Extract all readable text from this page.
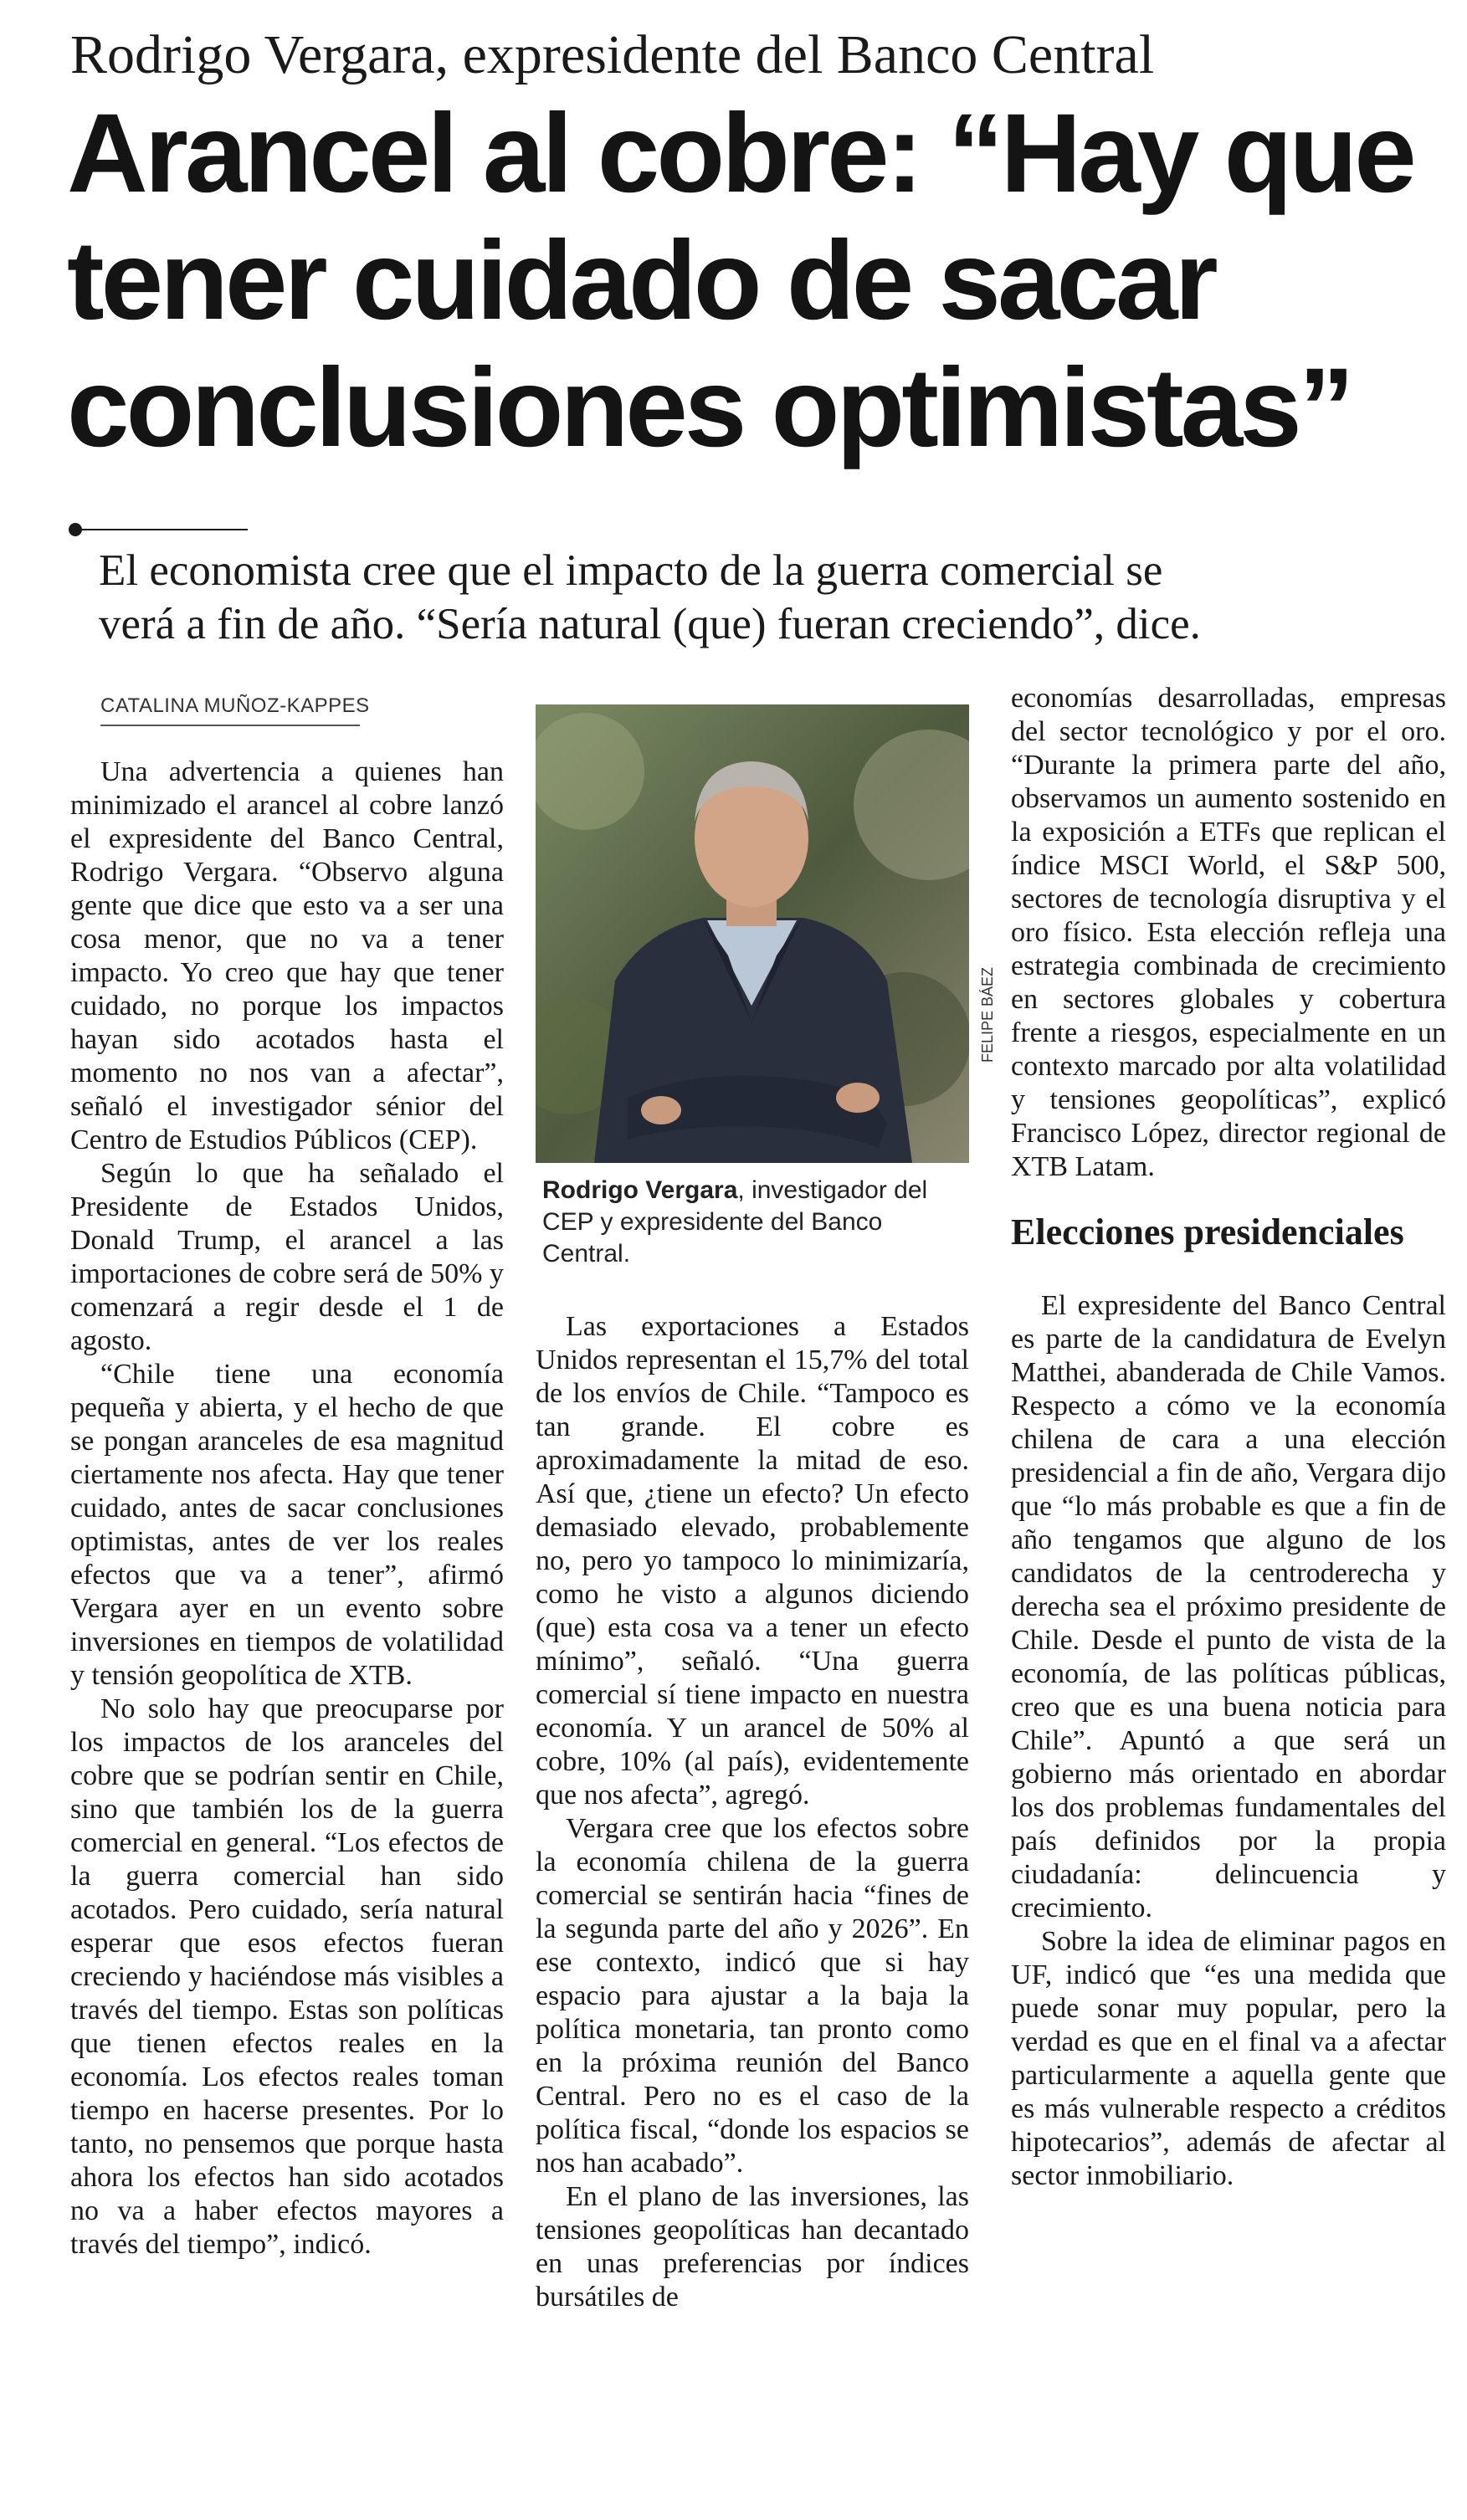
Rodrigo Vergara, expresidente del Banco Central
Arancel al cobre: “Hay que
tener cuidado de sacar
conclusiones optimistas”
El economista cree que el impacto de la guerra comercial se
verá a fin de año. “Sería natural (que) fueran creciendo”, dice.
CATALINA MUÑOZ-KAPPES

Una advertencia a quienes han minimizado el arancel al cobre lanzó el expresidente del Banco Central, Rodrigo Vergara. “Observo alguna gente que dice que esto va a ser una cosa menor, que no va a tener impacto. Yo creo que hay que tener cuidado, no porque los impactos hayan sido acotados hasta el momento no nos van a afectar”, señaló el investigador sénior del Centro de Estudios Públicos (CEP).

Según lo que ha señalado el Presidente de Estados Unidos, Donald Trump, el arancel a las importaciones de cobre será de 50% y comenzará a regir desde el 1 de agosto.

“Chile tiene una economía pequeña y abierta, y el hecho de que se pongan aranceles de esa magnitud ciertamente nos afecta. Hay que tener cuidado, antes de sacar conclusiones optimistas, antes de ver los reales efectos que va a tener”, afirmó Vergara ayer en un evento sobre inversiones en tiempos de volatilidad y tensión geopolítica de XTB.

No solo hay que preocuparse por los impactos de los aranceles del cobre que se podrían sentir en Chile, sino que también los de la guerra comercial en general. “Los efectos de la guerra comercial han sido acotados. Pero cuidado, sería natural esperar que esos efectos fueran creciendo y haciéndose más visibles a través del tiempo. Estas son políticas que tienen efectos reales en la economía. Los efectos reales toman tiempo en hacerse presentes. Por lo tanto, no pensemos que porque hasta ahora los efectos han sido acotados no va a haber efectos mayores a través del tiempo”, indicó.

FELIPE BÁEZ
Rodrigo Vergara, investigador del CEP y expresidente del Banco Central.

Las exportaciones a Estados Unidos representan el 15,7% del total de los envíos de Chile. “Tampoco es tan grande. El cobre es aproximadamente la mitad de eso. Así que, ¿tiene un efecto? Un efecto demasiado elevado, probablemente no, pero yo tampoco lo minimizaría, como he visto a algunos diciendo (que) esta cosa va a tener un efecto mínimo”, señaló. “Una guerra comercial sí tiene impacto en nuestra economía. Y un arancel de 50% al cobre, 10% (al país), evidentemente que nos afecta”, agregó.

Vergara cree que los efectos sobre la economía chilena de la guerra comercial se sentirán hacia “fines de la segunda parte del año y 2026”. En ese contexto, indicó que si hay espacio para ajustar a la baja la política monetaria, tan pronto como en la próxima reunión del Banco Central. Pero no es el caso de la política fiscal, “donde los espacios se nos han acabado”.

En el plano de las inversiones, las tensiones geopolíticas han decantado en unas preferencias por índices bursátiles de

economías desarrolladas, empresas del sector tecnológico y por el oro. “Durante la primera parte del año, observamos un aumento sostenido en la exposición a ETFs que replican el índice MSCI World, el S&P 500, sectores de tecnología disruptiva y el oro físico. Esta elección refleja una estrategia combinada de crecimiento en sectores globales y cobertura frente a riesgos, especialmente en un contexto marcado por alta volatilidad y tensiones geopolíticas”, explicó Francisco López, director regional de XTB Latam.

Elecciones presidenciales

El expresidente del Banco Central es parte de la candidatura de Evelyn Matthei, abanderada de Chile Vamos. Respecto a cómo ve la economía chilena de cara a una elección presidencial a fin de año, Vergara dijo que “lo más probable es que a fin de año tengamos que alguno de los candidatos de la centroderecha y derecha sea el próximo presidente de Chile. Desde el punto de vista de la economía, de las políticas públicas, creo que es una buena noticia para Chile”. Apuntó a que será un gobierno más orientado en abordar los dos problemas fundamentales del país definidos por la propia ciudadanía: delincuencia y crecimiento.

Sobre la idea de eliminar pagos en UF, indicó que “es una medida que puede sonar muy popular, pero la verdad es que en el final va a afectar particularmente a aquella gente que es más vulnerable respecto a créditos hipotecarios”, además de afectar al sector inmobiliario.
